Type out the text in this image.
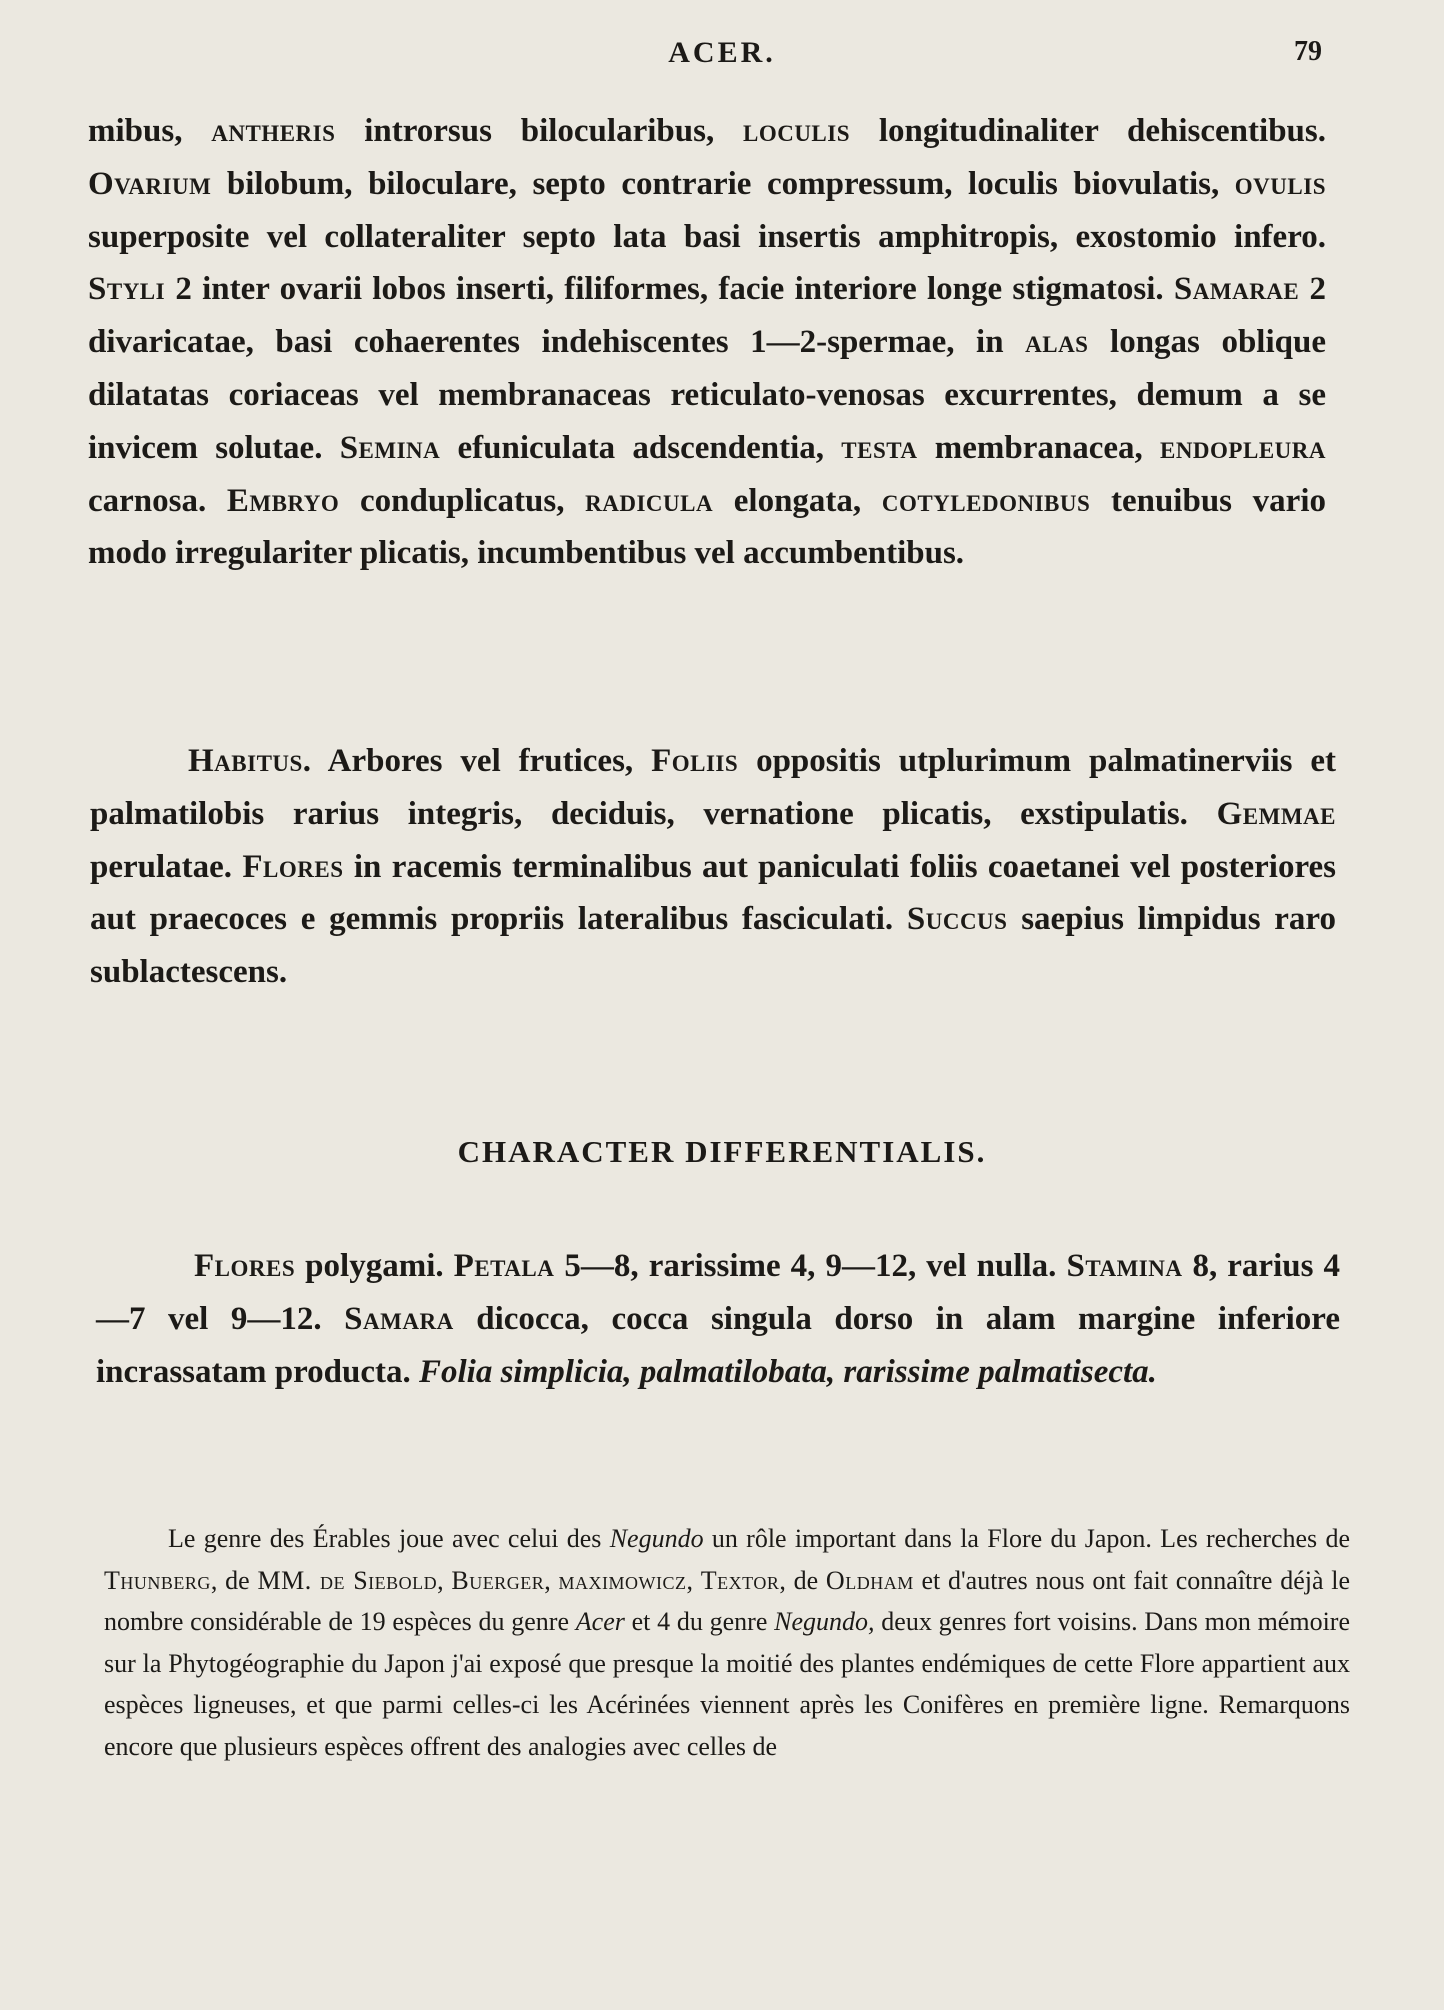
ACER.	79

mibus, antheris introrsus bilocularibus, loculis longitudinaliter dehiscentibus. Ovarium bilobum, biloculare, septo contrarie compressum, loculis biovulatis, ovulis superposite vel collateraliter septo lata basi insertis amphitropis, exostomio infero. Styli 2 inter ovarii lobos inserti, filiformes, facie interiore longe stigmatosi. Samarae 2 divaricatae, basi cohaerentes indehiscentes 1—2-spermae, in alas longas oblique dilatatas coriaceas vel membranaceas reticulato-venosas excurrentes, demum a se invicem solutae. Semina efuniculata adscendentia, testa membranacea, endopleura carnosa. Embryo conduplicatus, radicula elongata, cotyledonibus tenuibus vario modo irregulariter plicatis, incumbentibus vel accumbentibus.

Habitus. Arbores vel frutices, Foliis oppositis utplurimum palmatinerviis et palmatilobis rarius integris, deciduis, vernatione plicatis, exstipulatis. Gemmae perulatae. Flores in racemis terminalibus aut paniculati foliis coaetanei vel posteriores aut praecoces e gemmis propriis lateralibus fasciculati. Succus saepius limpidus raro sublactescens.

CHARACTER DIFFERENTIALIS.

Flores polygami. Petala 5—8, rarissime 4, 9—12, vel nulla. Stamina 8, rarius 4—7 vel 9—12. Samara dicocca, cocca singula dorso in alam margine inferiore incrassatam producta. Folia simplicia, palmatilobata, rarissime palmatisecta.

Le genre des Érables joue avec celui des Negundo un rôle important dans la Flore du Japon. Les recherches de Thunberg, de MM. de Siebold, Buerger, maximowicz, Textor, de Oldham et d'autres nous ont fait connaître déjà le nombre considérable de 19 espèces du genre Acer et 4 du genre Negundo, deux genres fort voisins. Dans mon mémoire sur la Phytogéographie du Japon j'ai exposé que presque la moitié des plantes endémiques de cette Flore appartient aux espèces ligneuses, et que parmi celles-ci les Acérinées viennent après les Conifères en première ligne. Remarquons encore que plusieurs espèces offrent des analogies avec celles de
